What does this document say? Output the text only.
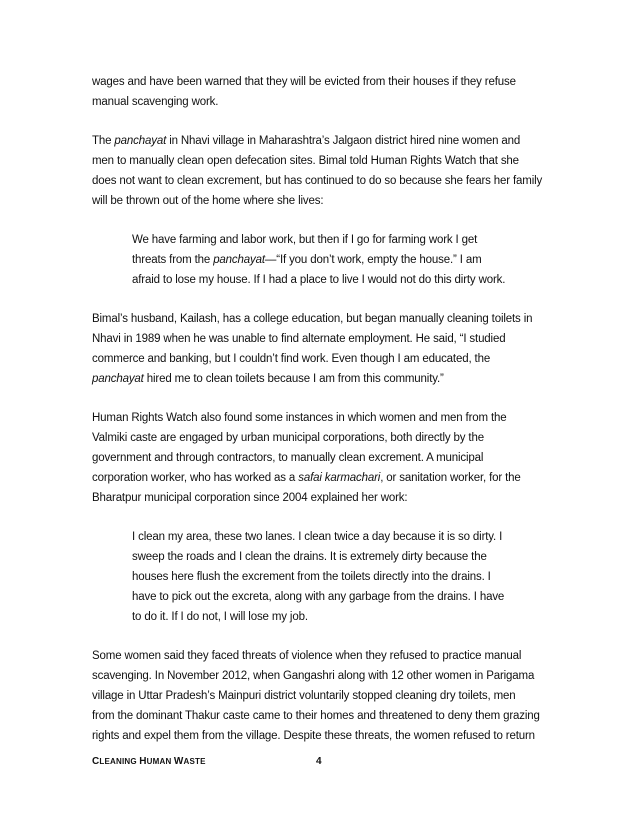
wages and have been warned that they will be evicted from their houses if they refuse
manual scavenging work.

The panchayat in Nhavi village in Maharashtra’s Jalgaon district hired nine women and
men to manually clean open defecation sites. Bimal told Human Rights Watch that she
does not want to clean excrement, but has continued to do so because she fears her family
will be thrown out of the home where she lives:

We have farming and labor work, but then if I go for farming work I get
threats from the panchayat—“If you don’t work, empty the house.” I am
afraid to lose my house. If I had a place to live I would not do this dirty work.

Bimal’s husband, Kailash, has a college education, but began manually cleaning toilets in
Nhavi in 1989 when he was unable to find alternate employment. He said, “I studied
commerce and banking, but I couldn’t find work. Even though I am educated, the
panchayat hired me to clean toilets because I am from this community.”

Human Rights Watch also found some instances in which women and men from the
Valmiki caste are engaged by urban municipal corporations, both directly by the
government and through contractors, to manually clean excrement. A municipal
corporation worker, who has worked as a safai karmachari, or sanitation worker, for the
Bharatpur municipal corporation since 2004 explained her work:

I clean my area, these two lanes. I clean twice a day because it is so dirty. I
sweep the roads and I clean the drains. It is extremely dirty because the
houses here flush the excrement from the toilets directly into the drains. I
have to pick out the excreta, along with any garbage from the drains. I have
to do it. If I do not, I will lose my job.

Some women said they faced threats of violence when they refused to practice manual
scavenging. In November 2012, when Gangashri along with 12 other women in Parigama
village in Uttar Pradesh’s Mainpuri district voluntarily stopped cleaning dry toilets, men
from the dominant Thakur caste came to their homes and threatened to deny them grazing
rights and expel them from the village. Despite these threats, the women refused to return

CLEANING HUMAN WASTE	4
